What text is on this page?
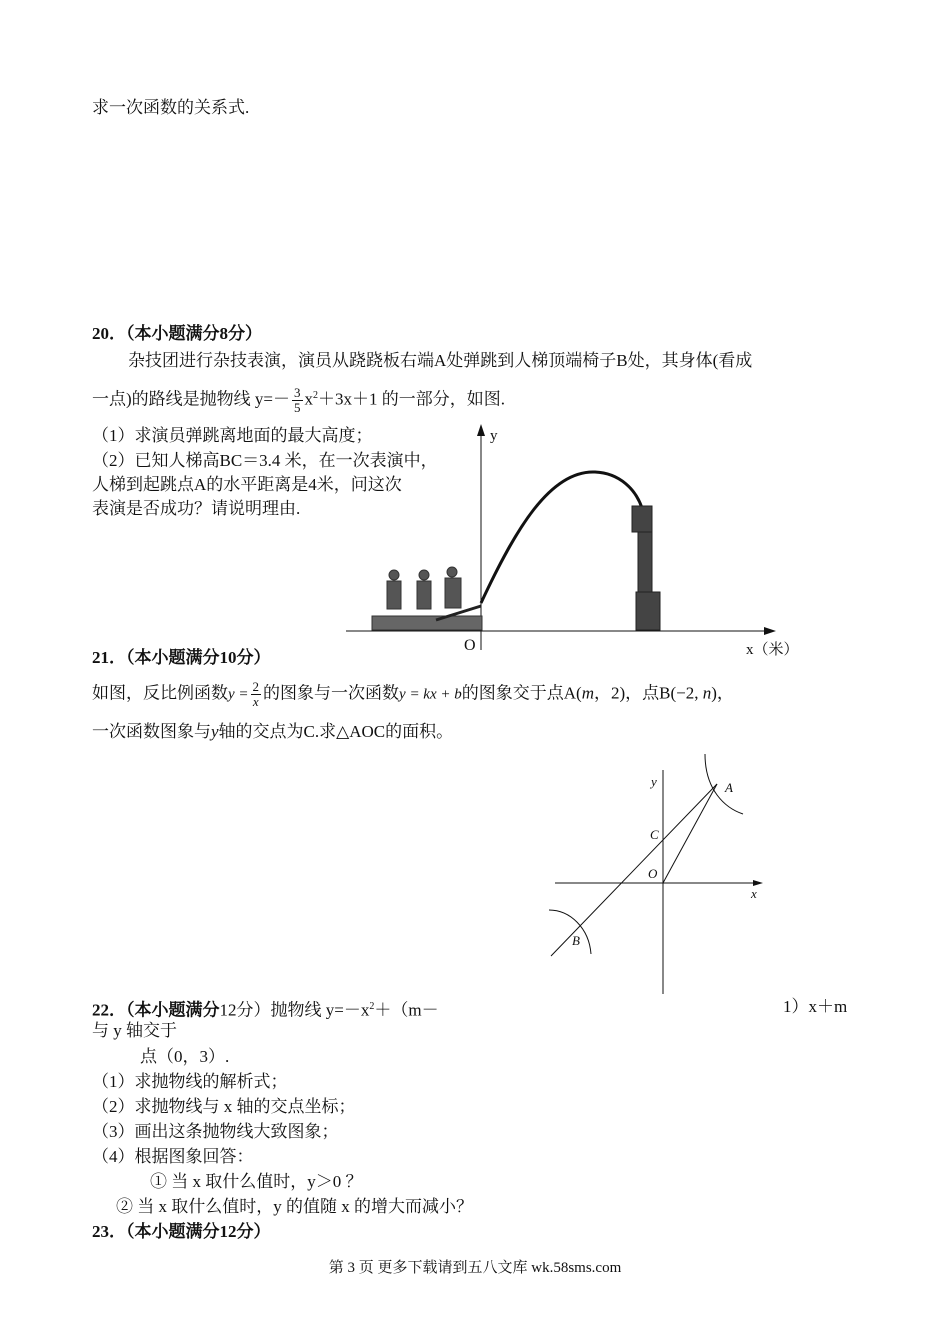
求一次函数的关系式.
20．（本小题满分8分）
杂技团进行杂技表演，演员从跷跷板右端A处弹跳到人梯顶端椅子B处，其身体(看成
一点)的路线是抛物线 $y=- \frac{3}{5} x^2+3x+1$ 的一部分，如图.
（1）求演员弹跳离地面的最大高度；
（2）已知人梯高BC＝3.4 米，在一次表演中，
人梯到起跳点A的水平距离是4米，问这次
表演是否成功？请说明理由.
y
O	x（米）
21．（本小题满分10分）
如图，反比例函数$y = \frac{2}{x}$ 的图象与一次函数y = kx + b的图象交于点A(m，2)，点B(−2, n)，
一次函数图象与y轴的交点为C.求△AOC的面积。
y
x
A
B
C
O
22．（本小题满分12分）抛物线 $y=-x^2+(m-$	1）x＋m
与 y 轴交于
点（0，3）.
（1）求抛物线的解析式；
（2）求抛物线与 x 轴的交点坐标；
（3）画出这条抛物线大致图象；
（4）根据图象回答：
① 当 x 取什么值时，y＞0 ？
② 当 x 取什么值时，y 的值随 x 的增大而减小？
23．（本小题满分12分）
第 3 页 更多下载请到五八文库 wk.58sms.com
